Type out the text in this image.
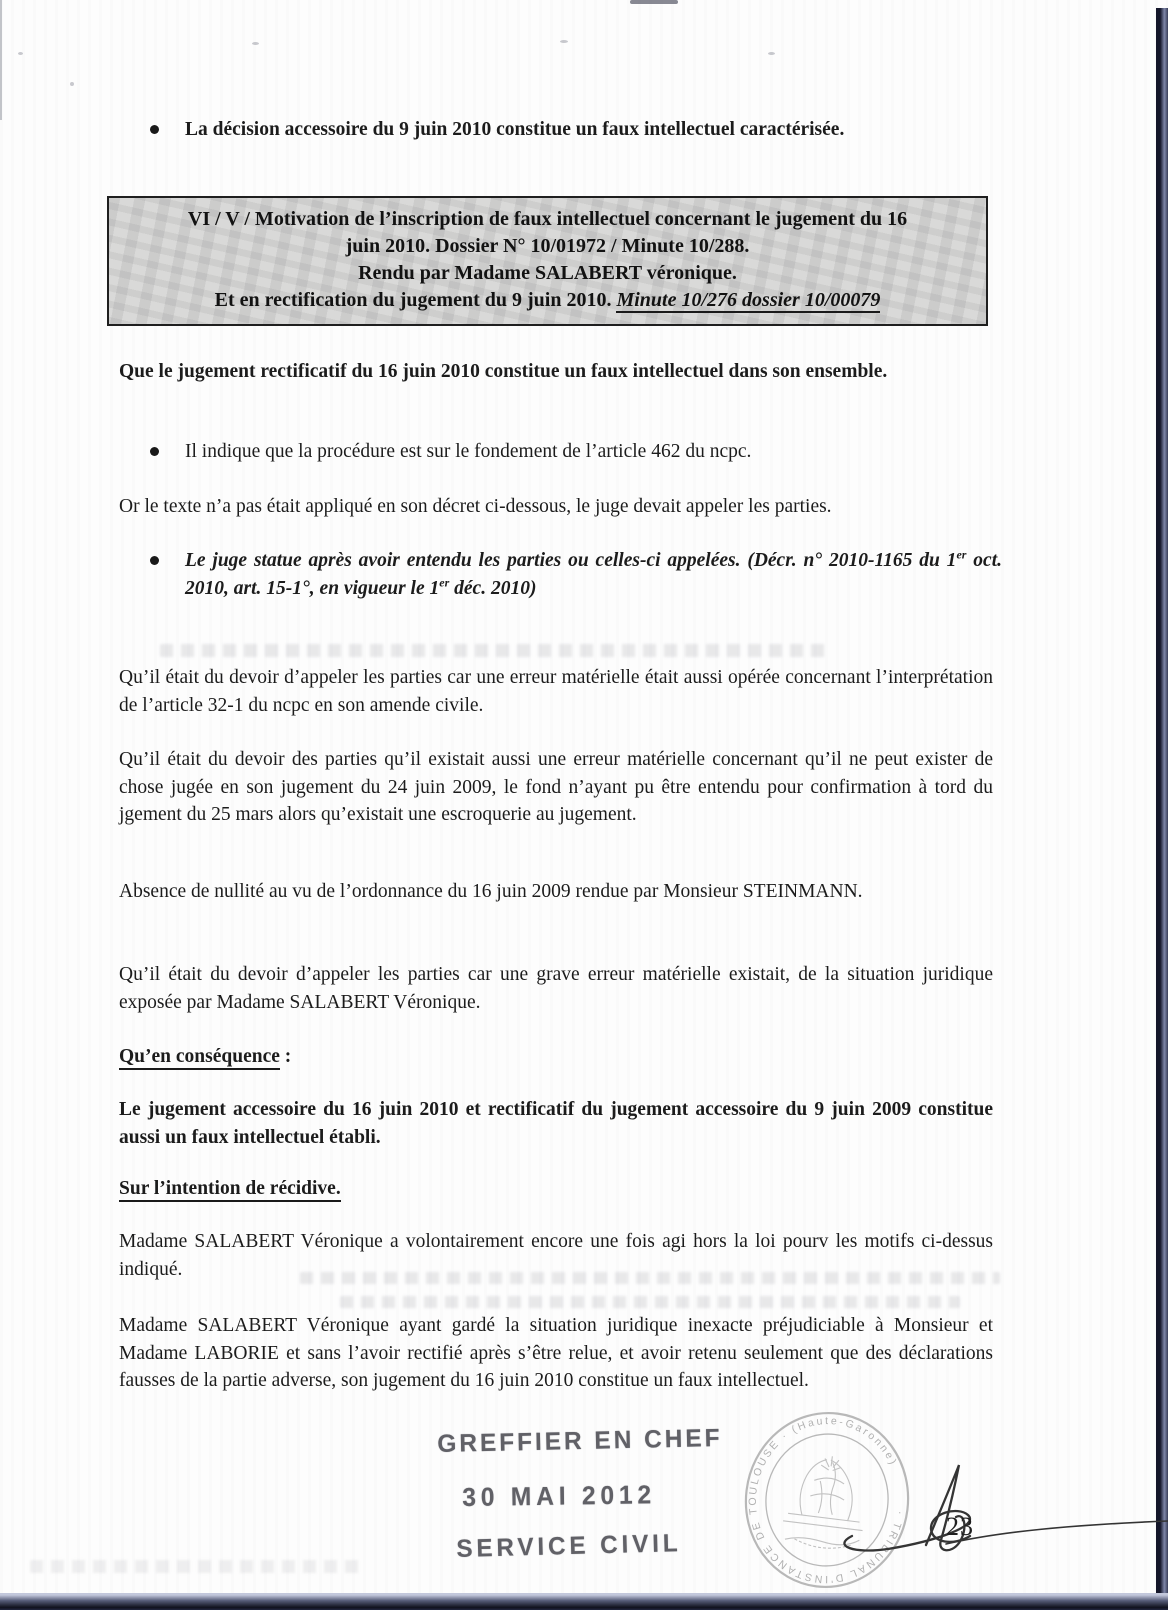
La décision accessoire du 9 juin 2010 constitue un faux intellectuel caractérisée.

VI / V / Motivation de l’inscription de faux intellectuel concernant le jugement du 16
juin 2010. Dossier N° 10/01972 / Minute 10/288.
Rendu par Madame SALABERT véronique.
Et en rectification du jugement du 9 juin 2010. Minute 10/276 dossier 10/00079

Que le jugement rectificatif du 16 juin 2010 constitue un faux intellectuel dans son ensemble.

Il indique que la procédure est sur le fondement de l’article 462 du ncpc.

Or le texte n’a pas était appliqué en son décret ci-dessous, le juge devait appeler les parties.

Le juge statue après avoir entendu les parties ou celles-ci appelées. (Décr. n° 2010-1165 du 1er oct. 2010, art. 15-1°, en vigueur le 1er déc. 2010)

Qu’il était du devoir d’appeler les parties car une erreur matérielle était aussi opérée concernant l’interprétation de l’article 32-1 du ncpc en son amende civile.

Qu’il était du devoir des parties qu’il existait aussi une erreur matérielle concernant qu’il ne peut exister de chose jugée en son jugement du 24 juin 2009, le fond n’ayant pu être entendu pour confirmation à tord du jgement du 25 mars alors qu’existait une escroquerie au jugement.

Absence de nullité au vu de l’ordonnance du 16 juin 2009 rendue par Monsieur STEINMANN.

Qu’il était du devoir d’appeler les parties car une grave erreur matérielle existait, de la situation juridique exposée par Madame SALABERT Véronique.

Qu’en conséquence :

Le jugement accessoire du 16 juin 2010 et rectificatif du jugement accessoire du 9 juin 2009 constitue aussi un faux intellectuel établi.

Sur l’intention de récidive.

Madame SALABERT Véronique a volontairement encore une fois agi hors la loi pourv les motifs ci-dessus indiqué.

Madame SALABERT Véronique ayant gardé la situation juridique inexacte préjudiciable à Monsieur et Madame LABORIE et sans l’avoir rectifié après s’être relue, et avoir retenu seulement que des déclarations fausses de la partie adverse, son jugement du 16 juin 2010 constitue un faux intellectuel.

GREFFIER EN CHEF
30 MAI 2012
SERVICE CIVIL
· TRIBUNAL D'INSTANCE DE TOULOUSE · (Haute-Garonne)
23
